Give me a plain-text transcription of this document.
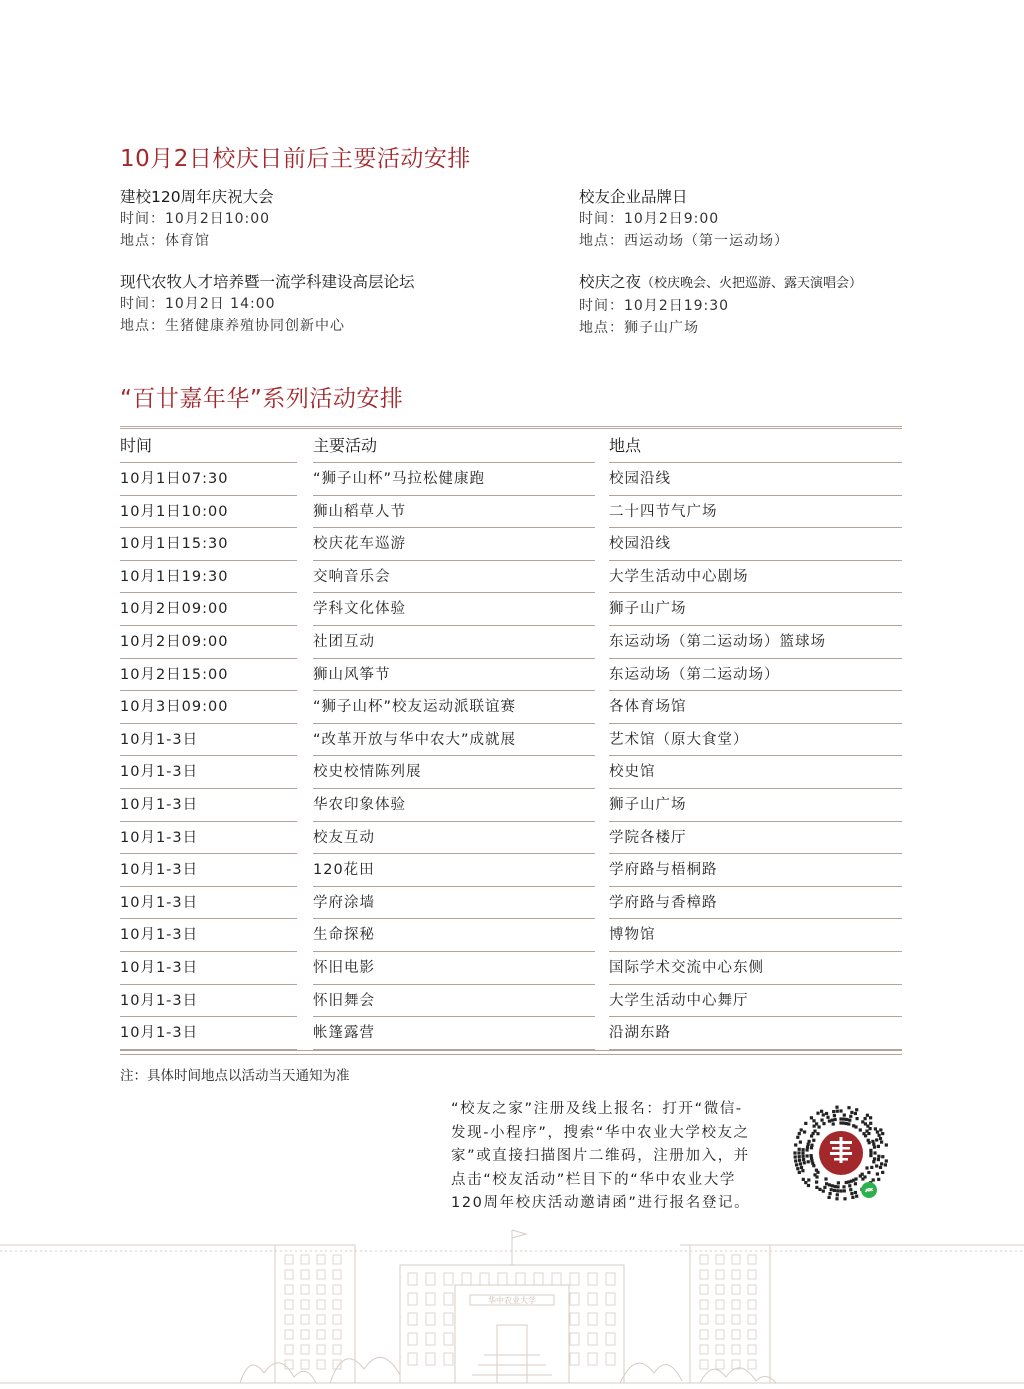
10月2日校庆日前后主要活动安排
建校120周年庆祝大会
时间：10月2日10:00
地点：体育馆
校友企业品牌日
时间：10月2日9:00
地点：西运动场（第一运动场）
现代农牧人才培养暨一流学科建设高层论坛
时间：10月2日 14:00
地点：生猪健康养殖协同创新中心
校庆之夜（校庆晚会、火把巡游、露天演唱会）
时间：10月2日19:30
地点：狮子山广场
“百廿嘉年华”系列活动安排
时间	主要活动	地点
10月1日07:30	“狮子山杯”马拉松健康跑	校园沿线
10月1日10:00	狮山稻草人节	二十四节气广场
10月1日15:30	校庆花车巡游	校园沿线
10月1日19:30	交响音乐会	大学生活动中心剧场
10月2日09:00	学科文化体验	狮子山广场
10月2日09:00	社团互动	东运动场（第二运动场）篮球场
10月2日15:00	狮山风筝节	东运动场（第二运动场）
10月3日09:00	“狮子山杯”校友运动派联谊赛	各体育场馆
10月1-3日	“改革开放与华中农大”成就展	艺术馆（原大食堂）
10月1-3日	校史校情陈列展	校史馆
10月1-3日	华农印象体验	狮子山广场
10月1-3日	校友互动	学院各楼厅
10月1-3日	120花田	学府路与梧桐路
10月1-3日	学府涂墙	学府路与香樟路
10月1-3日	生命探秘	博物馆
10月1-3日	怀旧电影	国际学术交流中心东侧
10月1-3日	怀旧舞会	大学生活动中心舞厅
10月1-3日	帐篷露营	沿湖东路
注：具体时间地点以活动当天通知为准
“校友之家”注册及线上报名：打开“微信-
发现-小程序”，搜索“华中农业大学校友之
家”或直接扫描图片二维码，注册加入，并
点击“校友活动”栏目下的“华中农业大学
120周年校庆活动邀请函”进行报名登记。
华中农业大学
